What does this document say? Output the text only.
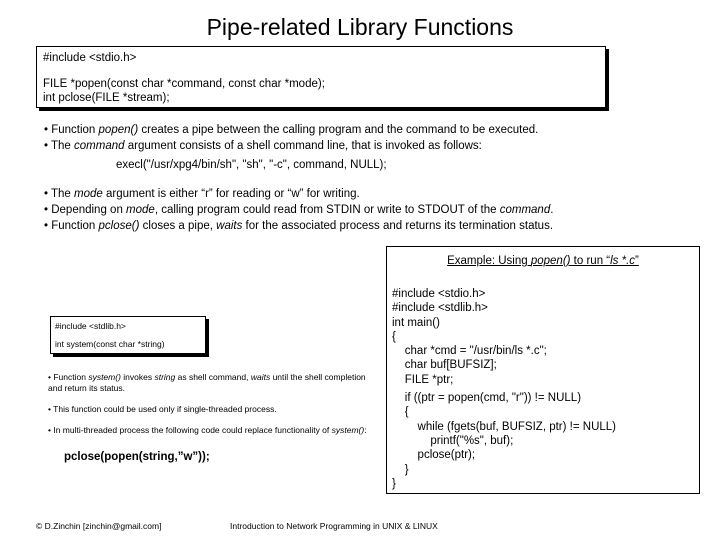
Pipe-related Library Functions
#include <stdio.h>
FILE *popen(const char *command, const char *mode);
int pclose(FILE *stream);

• Function popen() creates a pipe between the calling program and the command to be executed.

• The command argument consists of a shell command line, that is invoked as follows:

execl("/usr/xpg4/bin/sh", "sh", "-c", command, NULL);

• The mode argument is either “r” for reading or “w” for writing.

• Depending on mode, calling program could read from STDIN or write to STDOUT of the command.

• Function pclose() closes a pipe, waits for the associated process and returns its termination status.

Example: Using popen() to run “ls *.c”
#include <stdio.h>
#include <stdlib.h>
int main()
{
char *cmd = "/usr/bin/ls *.c";
char buf[BUFSIZ];
FILE *ptr;
if ((ptr = popen(cmd, "r")) != NULL)
{
while (fgets(buf, BUFSIZ, ptr) != NULL)
printf("%s", buf);
pclose(ptr);
}
}
#include <stdlib.h>
int system(const char *string)

• Function system() invokes string as shell command, waits until the shell completion and return its status.

• This function could be used only if single-threaded process.

• In multi-threaded process the following code could replace functionality of system():

pclose(popen(string,”w”));
© D.Zinchin [zinchin@gmail.com]	Introduction to Network Programming in UNIX & LINUX
